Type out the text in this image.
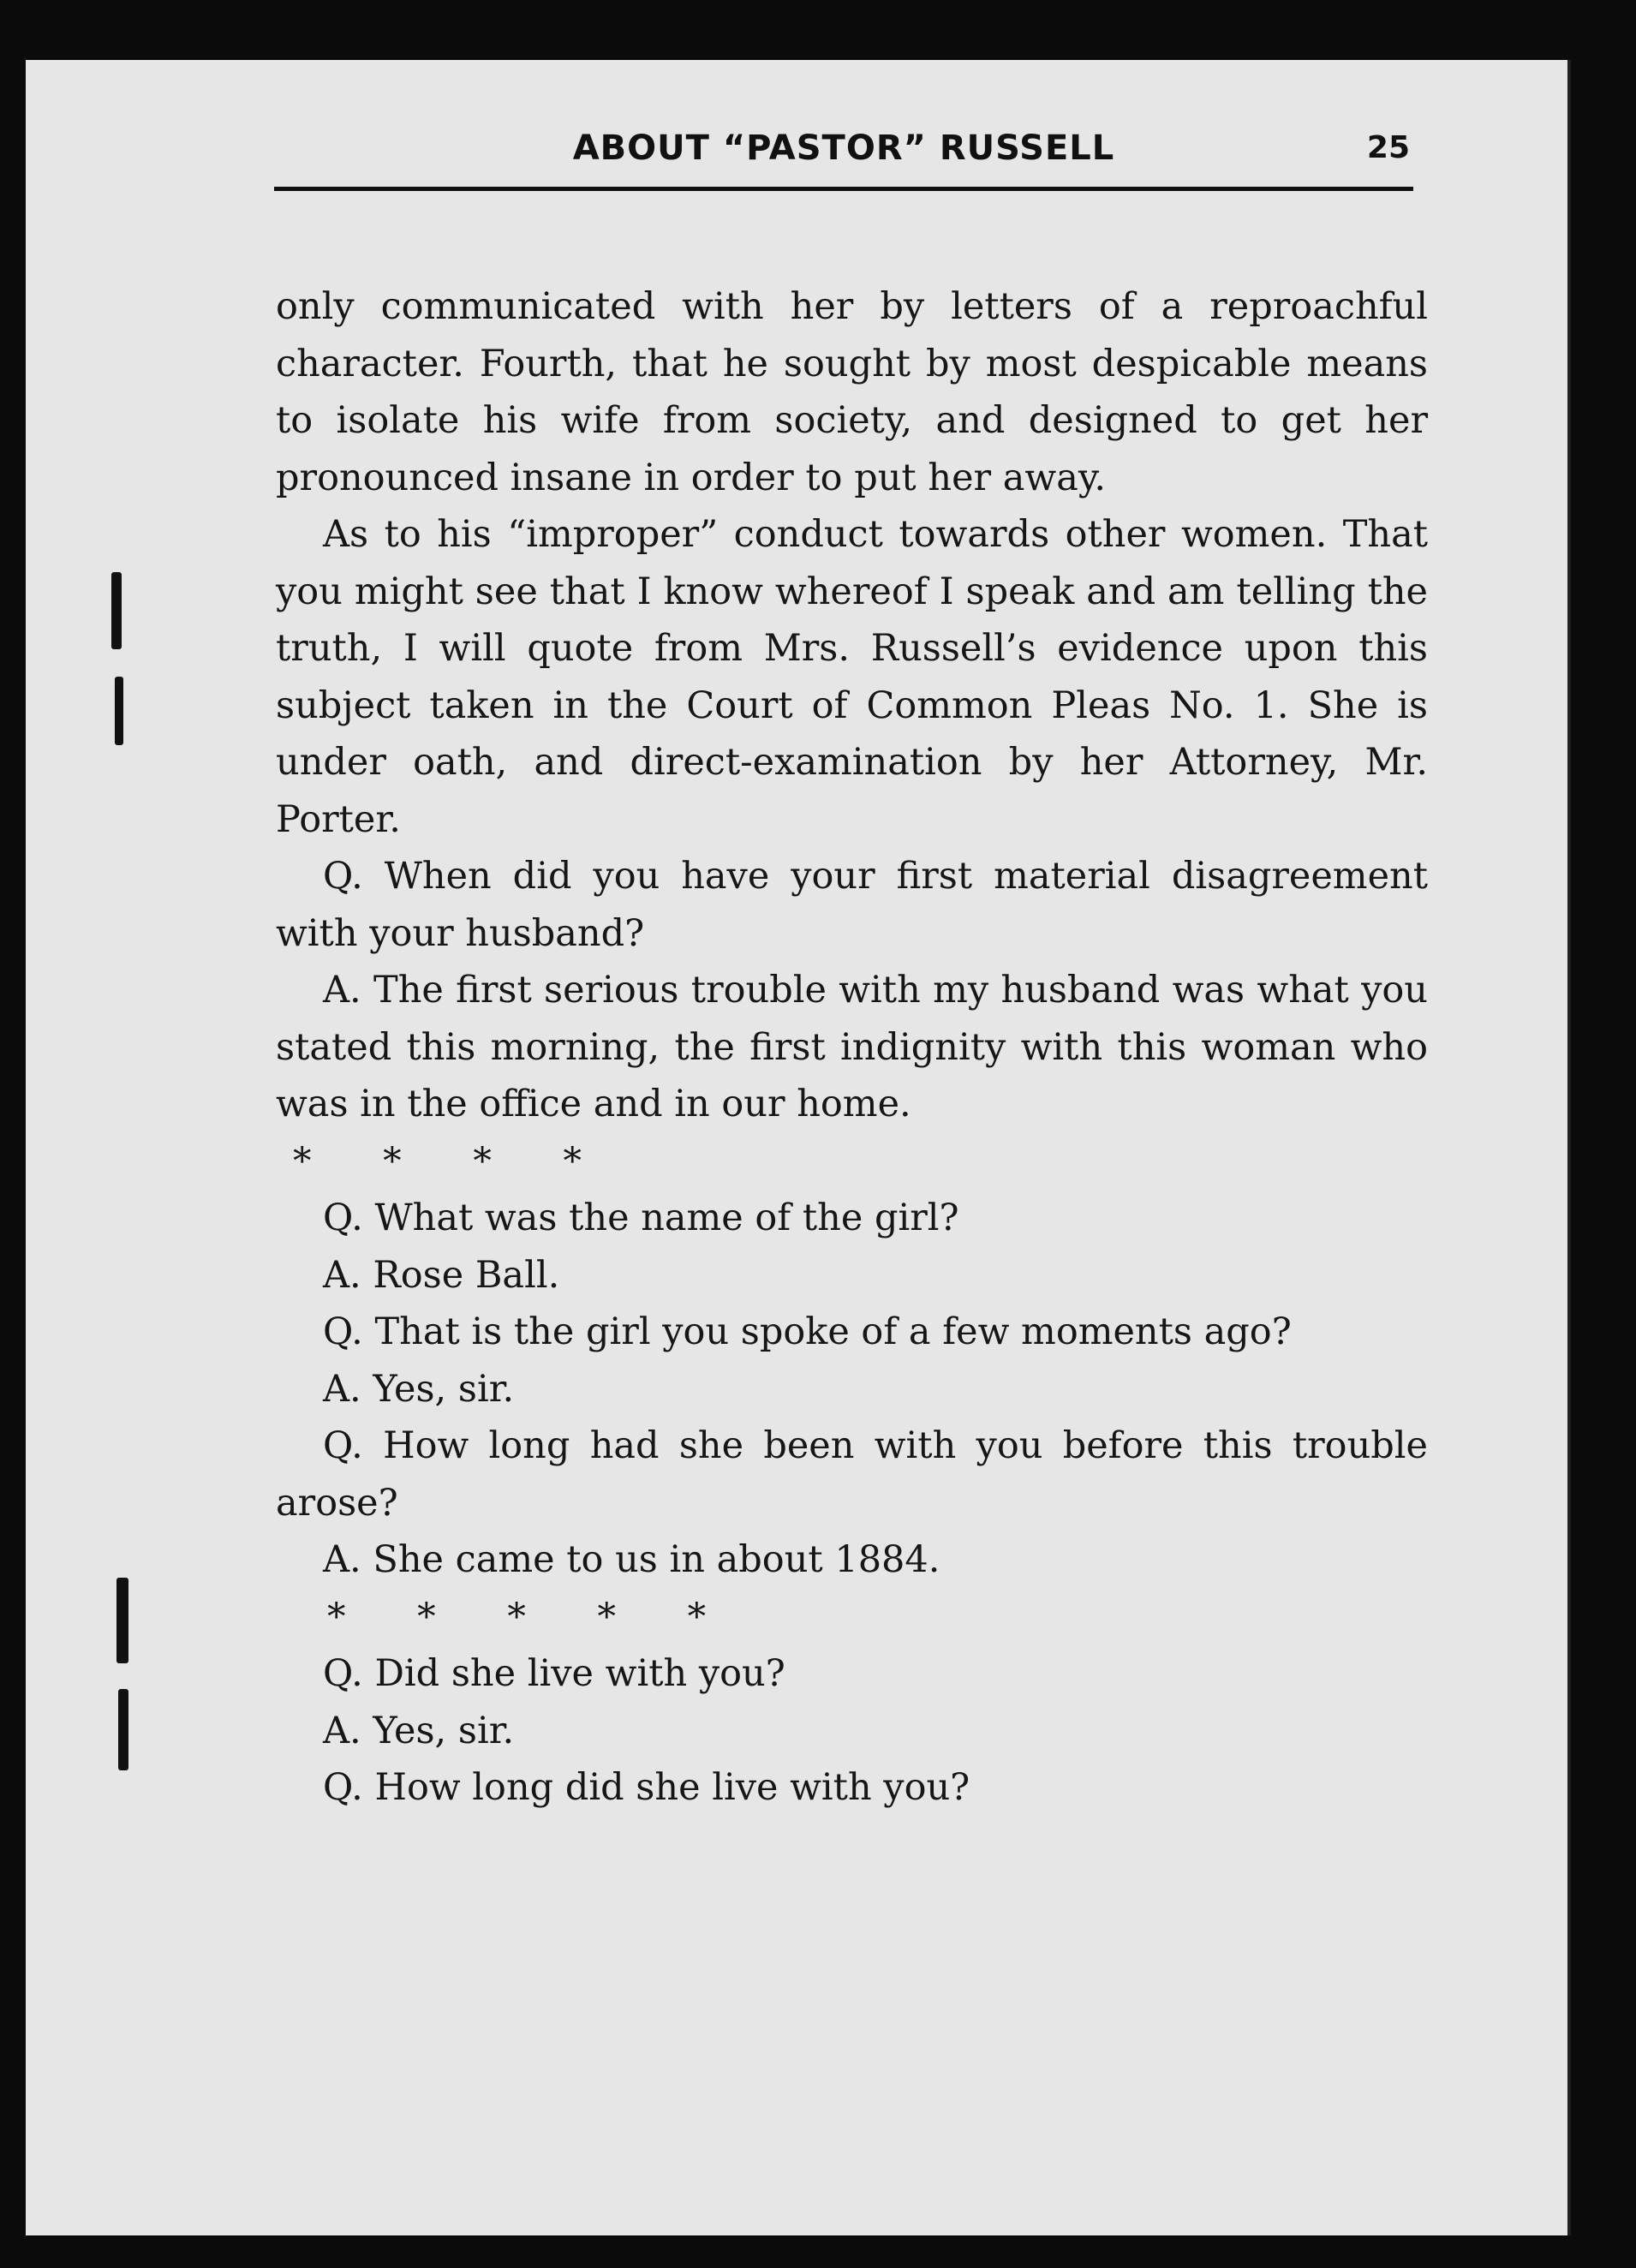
ABOUT “PASTOR” RUSSELL	25

only communicated with her by letters of a reproachful character. Fourth, that he sought by most despicable means to isolate his wife from society, and designed to get her pronounced insane in order to put her away.

As to his “improper” conduct towards other women. That you might see that I know whereof I speak and am telling the truth, I will quote from Mrs. Russell’s evidence upon this subject taken in the Court of Common Pleas No. 1. She is under oath, and direct-examination by her Attorney, Mr. Porter.

Q. When did you have your first material disagreement with your husband?

A. The first serious trouble with my husband was what you stated this morning, the first indignity with this woman who was in the office and in our home.

* * * *

Q. What was the name of the girl?

A. Rose Ball.

Q. That is the girl you spoke of a few moments ago?

A. Yes, sir.

Q. How long had she been with you before this trouble arose?

A. She came to us in about 1884.

* * * * *

Q. Did she live with you?

A. Yes, sir.

Q. How long did she live with you?
